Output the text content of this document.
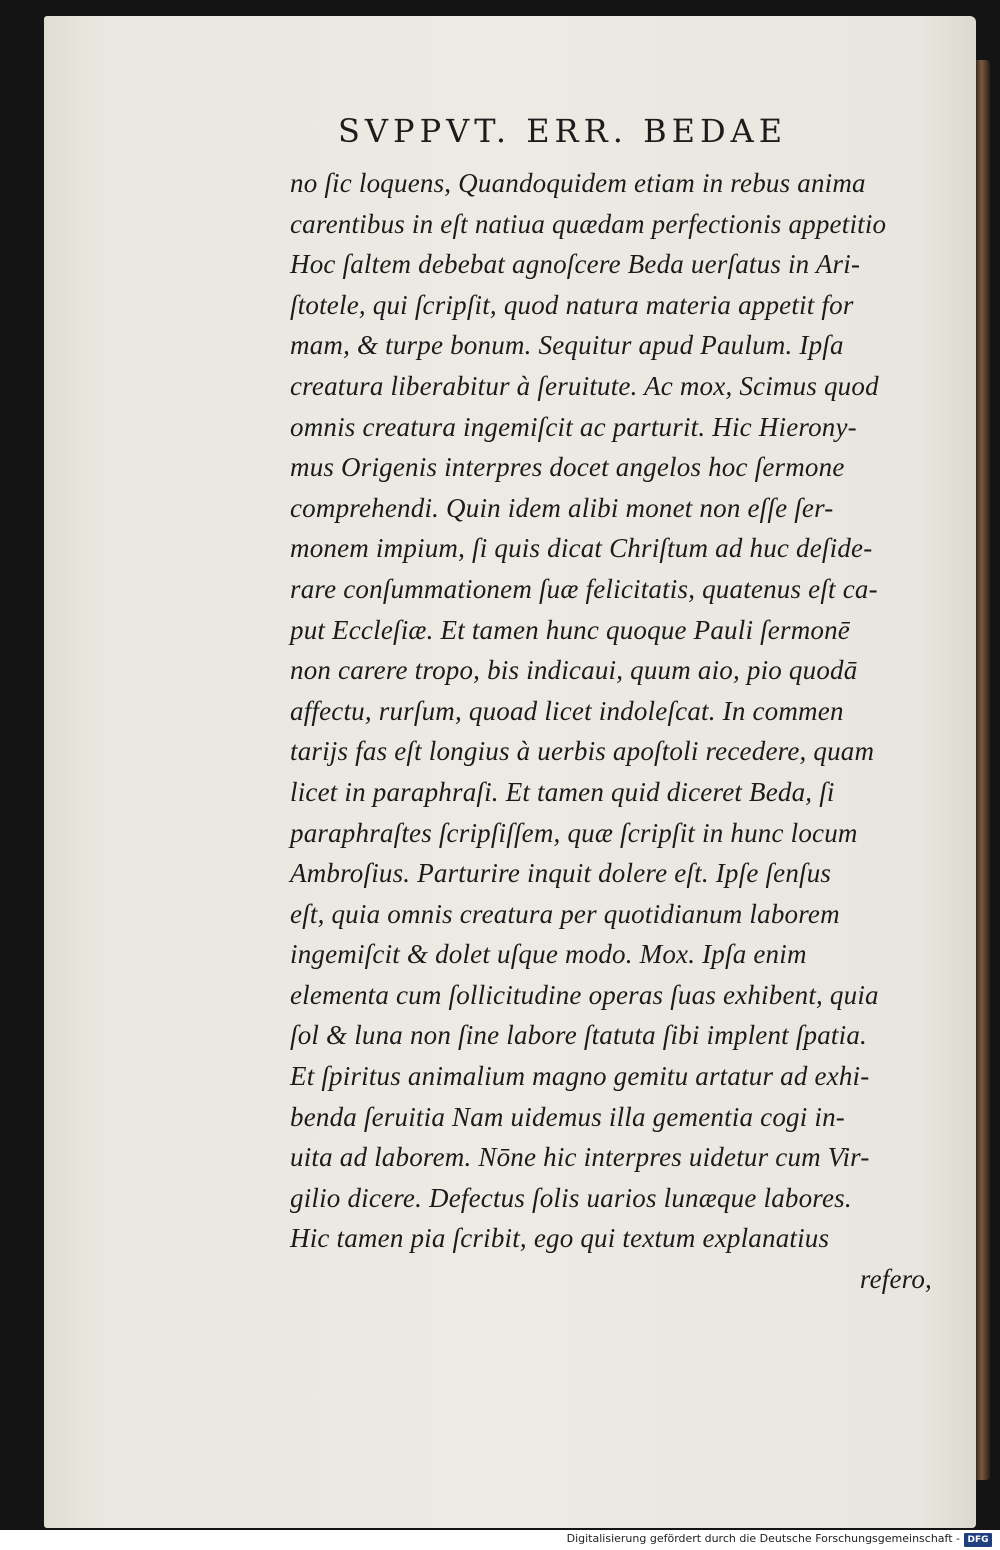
SVPPVT. ERR. BEDAE
no ſic loquens, Quandoquidem etiam in rebus anima
carentibus in eſt natiua quædam perfectionis appetitio
Hoc ſaltem debebat agnoſcere Beda uerſatus in Ari-
ſtotele, qui ſcripſit, quod natura materia appetit for
mam, & turpe bonum. Sequitur apud Paulum. Ipſa
creatura liberabitur à ſeruitute. Ac mox, Scimus quod
omnis creatura ingemiſcit ac parturit. Hic Hierony-
mus Origenis interpres docet angelos hoc ſermone
comprehendi. Quin idem alibi monet non eſſe ſer-
monem impium, ſi quis dicat Chriſtum ad huc deſide-
rare conſummationem ſuæ felicitatis, quatenus eſt ca-
put Eccleſiæ. Et tamen hunc quoque Pauli ſermonē
non carere tropo, bis indicaui, quum aio, pio quodā
affectu, rurſum, quoad licet indoleſcat. In commen
tarijs fas eſt longius à uerbis apoſtoli recedere, quam
licet in paraphraſi. Et tamen quid diceret Beda, ſi
paraphraſtes ſcripſiſſem, quæ ſcripſit in hunc locum
Ambroſius. Parturire inquit dolere eſt. Ipſe ſenſus
eſt, quia omnis creatura per quotidianum laborem
ingemiſcit & dolet uſque modo. Mox. Ipſa enim
elementa cum ſollicitudine operas ſuas exhibent, quia
ſol & luna non ſine labore ſtatuta ſibi implent ſpatia.
Et ſpiritus animalium magno gemitu artatur ad exhi-
benda ſeruitia Nam uidemus illa gementia cogi in-
uita ad laborem. Nōne hic interpres uidetur cum Vir-
gilio dicere. Defectus ſolis uarios lunæque labores.
Hic tamen pia ſcribit, ego qui textum explanatius
refero,
Digitalisierung gefördert durch die Deutsche Forschungsgemeinschaft - DFG
